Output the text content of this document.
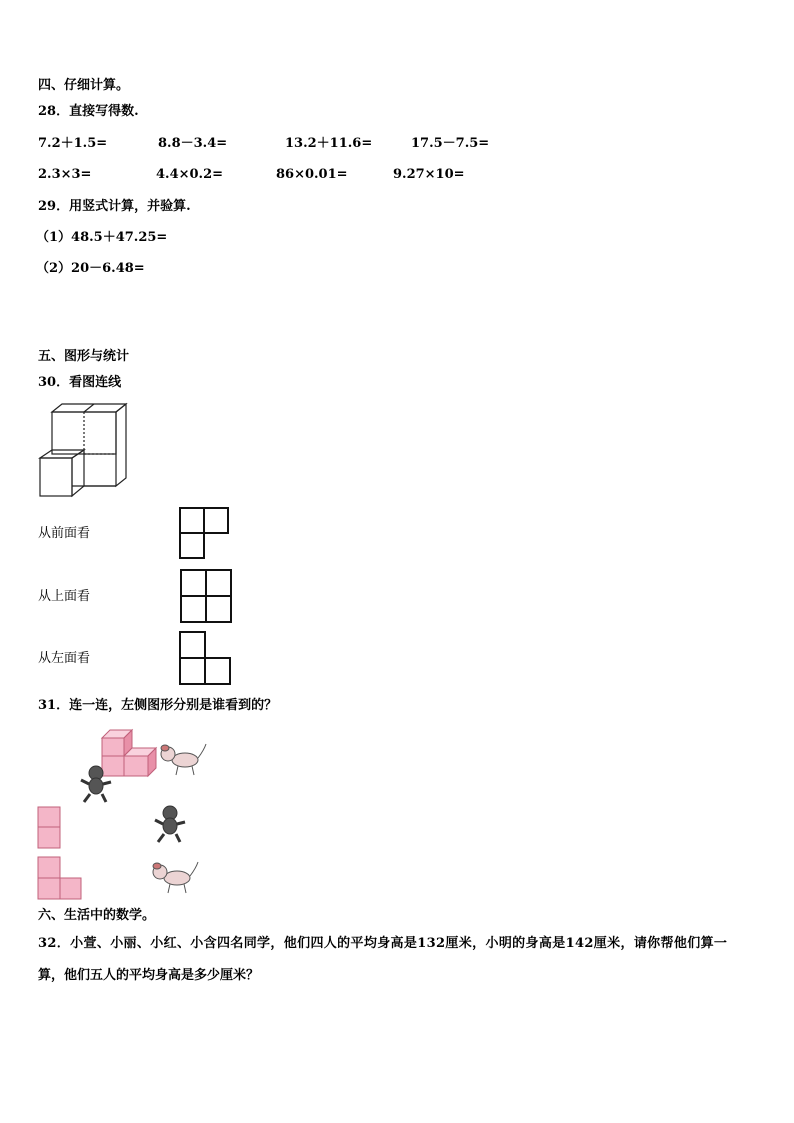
四、仔细计算。
28．直接写得数.
7.2＋1.5=	8.8－3.4=	13.2＋11.6=	17.5－7.5=
2.3×3=	4.4×0.2=	86×0.01=	9.27×10=
29．用竖式计算，并验算.
（1）48.5＋47.25=
（2）20－6.48=
五、图形与统计
30．看图连线
从前面看
从上面看
从左面看
31．连一连，左侧图形分别是谁看到的？
六、生活中的数学。
32．小萱、小丽、小红、小含四名同学，他们四人的平均身高是132厘米，小明的身高是142厘米，请你帮他们算一
算，他们五人的平均身高是多少厘米？
